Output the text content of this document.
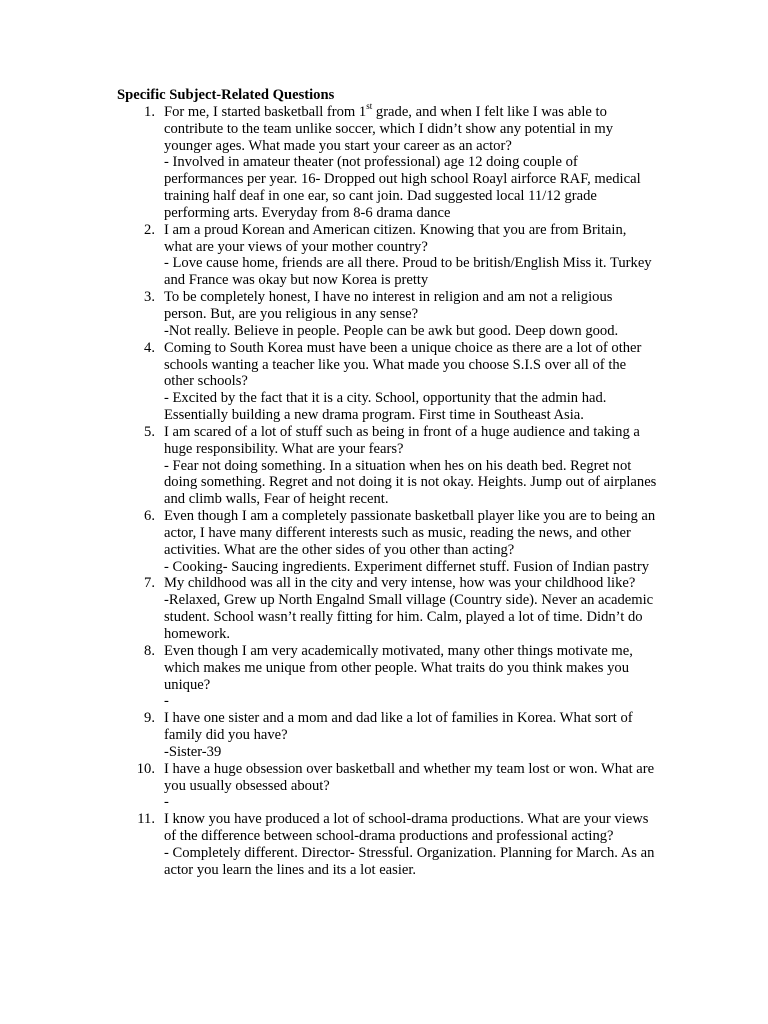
Specific Subject-Related Questions
1. For me, I started basketball from 1st grade, and when I felt like I was able to contribute to the team unlike soccer, which I didn’t show any potential in my younger ages. What made you start your career as an actor?
- Involved in amateur theater (not professional) age 12 doing couple of performances per year. 16- Dropped out high school Roayl airforce RAF, medical training half deaf in one ear, so cant join. Dad suggested local 11/12 grade performing arts. Everyday from 8-6 drama dance
2. I am a proud Korean and American citizen. Knowing that you are from Britain, what are your views of your mother country?
- Love cause home, friends are all there. Proud to be british/English Miss it. Turkey and France was okay but now Korea is pretty
3. To be completely honest, I have no interest in religion and am not a religious person. But, are you religious in any sense?
-Not really. Believe in people. People can be awk but good. Deep down good.
4. Coming to South Korea must have been a unique choice as there are a lot of other schools wanting a teacher like you. What made you choose S.I.S over all of the other schools?
- Excited by the fact that it is a city. School, opportunity that the admin had. Essentially building a new drama program. First time in Southeast Asia.
5. I am scared of a lot of stuff such as being in front of a huge audience and taking a huge responsibility. What are your fears?
- Fear not doing something. In a situation when hes on his death bed. Regret not doing something. Regret and not doing it is not okay. Heights. Jump out of airplanes and climb walls, Fear of height recent.
6. Even though I am a completely passionate basketball player like you are to being an actor, I have many different interests such as music, reading the news, and other activities. What are the other sides of you other than acting?
- Cooking- Saucing ingredients. Experiment differnet stuff. Fusion of Indian pastry
7. My childhood was all in the city and very intense, how was your childhood like?
-Relaxed, Grew up North Engalnd Small village (Country side). Never an academic student. School wasn’t really fitting for him. Calm, played a lot of time. Didn’t do homework.
8. Even though I am very academically motivated, many other things motivate me, which makes me unique from other people. What traits do you think makes you unique?
-
9. I have one sister and a mom and dad like a lot of families in Korea. What sort of family did you have?
-Sister-39
10. I have a huge obsession over basketball and whether my team lost or won. What are you usually obsessed about?
-
11. I know you have produced a lot of school-drama productions. What are your views of the difference between school-drama productions and professional acting?
- Completely different. Director- Stressful. Organization. Planning for March. As an actor you learn the lines and its a lot easier.
